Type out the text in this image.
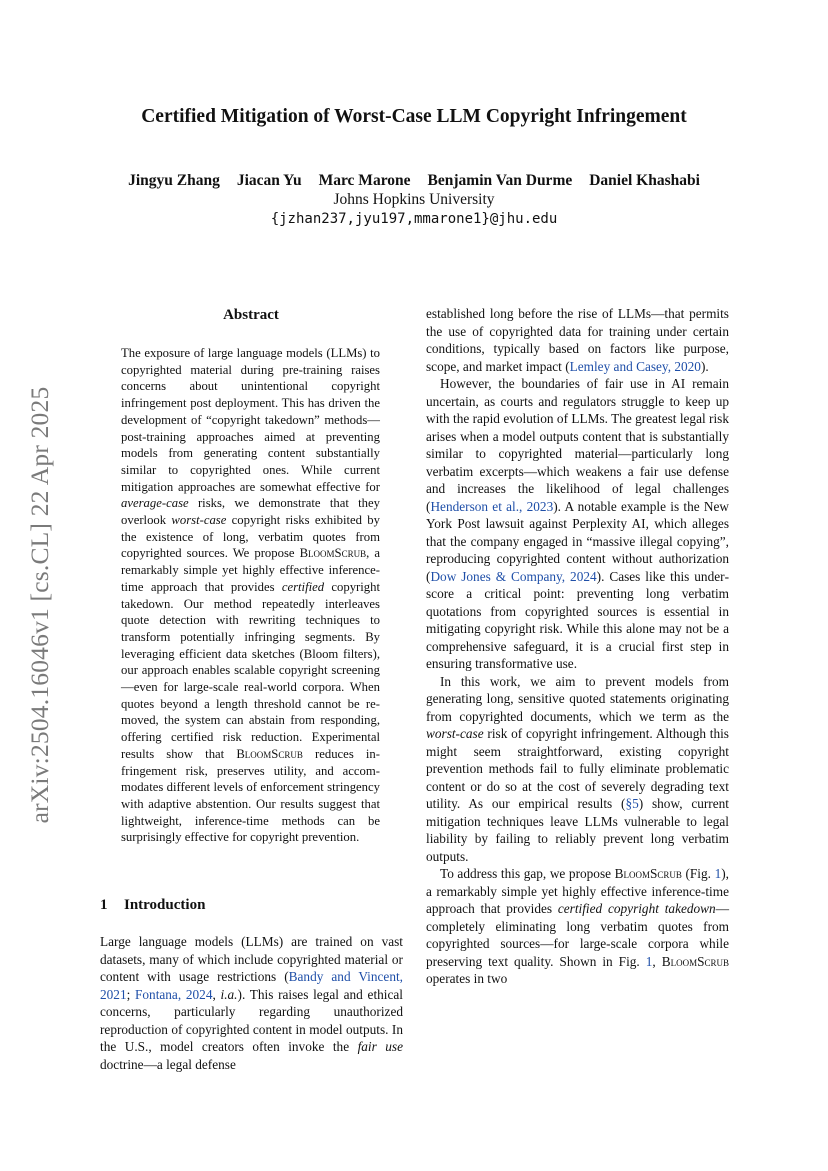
arXiv:2504.16046v1 [cs.CL] 22 Apr 2025
Certified Mitigation of Worst-Case LLM Copyright Infringement
Jingyu Zhang Jiacan Yu Marc Marone Benjamin Van Durme Daniel Khashabi
Johns Hopkins University
{jzhan237,jyu197,mmarone1}@jhu.edu
Abstract

The exposure of large language models (LLMs) to copyrighted material during pre-training raises concerns about unintentional copyright infringement post deployment. This has driven the development of “copyright takedown” methods—post-training approaches aimed at preventing models from generating content substantially similar to copyrighted ones. While current mitigation approaches are somewhat effective for average-case risks, we demonstrate that they overlook worst-case copyright risks exhibited by the existence of long, verbatim quotes from copyrighted sources. We propose BloomScrub, a remarkably simple yet highly effective inference-time approach that provides certified copyright takedown. Our method repeatedly interleaves quote detection with rewriting techniques to transform potentially infringing segments. By leveraging efficient data sketches (Bloom filters), our approach enables scalable copyright screening—even for large-scale real-world corpora. When quotes beyond a length threshold cannot be removed, the system can abstain from responding, offering certified risk reduction. Experimental results show that BloomScrub reduces infringement risk, preserves utility, and accommodates different levels of enforcement stringency with adaptive abstention. Our results suggest that lightweight, inference-time methods can be surprisingly effective for copyright prevention.

1 Introduction

Large language models (LLMs) are trained on vast datasets, many of which include copyrighted material or content with usage restrictions (Bandy and Vincent, 2021; Fontana, 2024, i.a.). This raises legal and ethical concerns, particularly regarding unauthorized reproduction of copyrighted content in model outputs. In the U.S., model creators often invoke the fair use doctrine—a legal defense

established long before the rise of LLMs—that permits the use of copyrighted data for training under certain conditions, typically based on factors like purpose, scope, and market impact (Lemley and Casey, 2020).

However, the boundaries of fair use in AI remain uncertain, as courts and regulators struggle to keep up with the rapid evolution of LLMs. The greatest legal risk arises when a model outputs content that is substantially similar to copyrighted material—particularly long verbatim excerpts—which weakens a fair use defense and increases the likelihood of legal challenges (Henderson et al., 2023). A notable example is the New York Post lawsuit against Perplexity AI, which alleges that the company engaged in “massive illegal copying”, reproducing copyrighted content without authorization (Dow Jones & Company, 2024). Cases like this underscore a critical point: preventing long verbatim quotations from copyrighted sources is essential in mitigating copyright risk. While this alone may not be a comprehensive safeguard, it is a crucial first step in ensuring transformative use.

In this work, we aim to prevent models from generating long, sensitive quoted statements originating from copyrighted documents, which we term as the worst-case risk of copyright infringement. Although this might seem straightforward, existing copyright prevention methods fail to fully eliminate problematic content or do so at the cost of severely degrading text utility. As our empirical results (§5) show, current mitigation techniques leave LLMs vulnerable to legal liability by failing to reliably prevent long verbatim outputs.

To address this gap, we propose BloomScrub (Fig. 1), a remarkably simple yet highly effective inference-time approach that provides certified copyright takedown—completely eliminating long verbatim quotes from copyrighted sources—for large-scale corpora while preserving text quality. Shown in Fig. 1, BloomScrub operates in two
